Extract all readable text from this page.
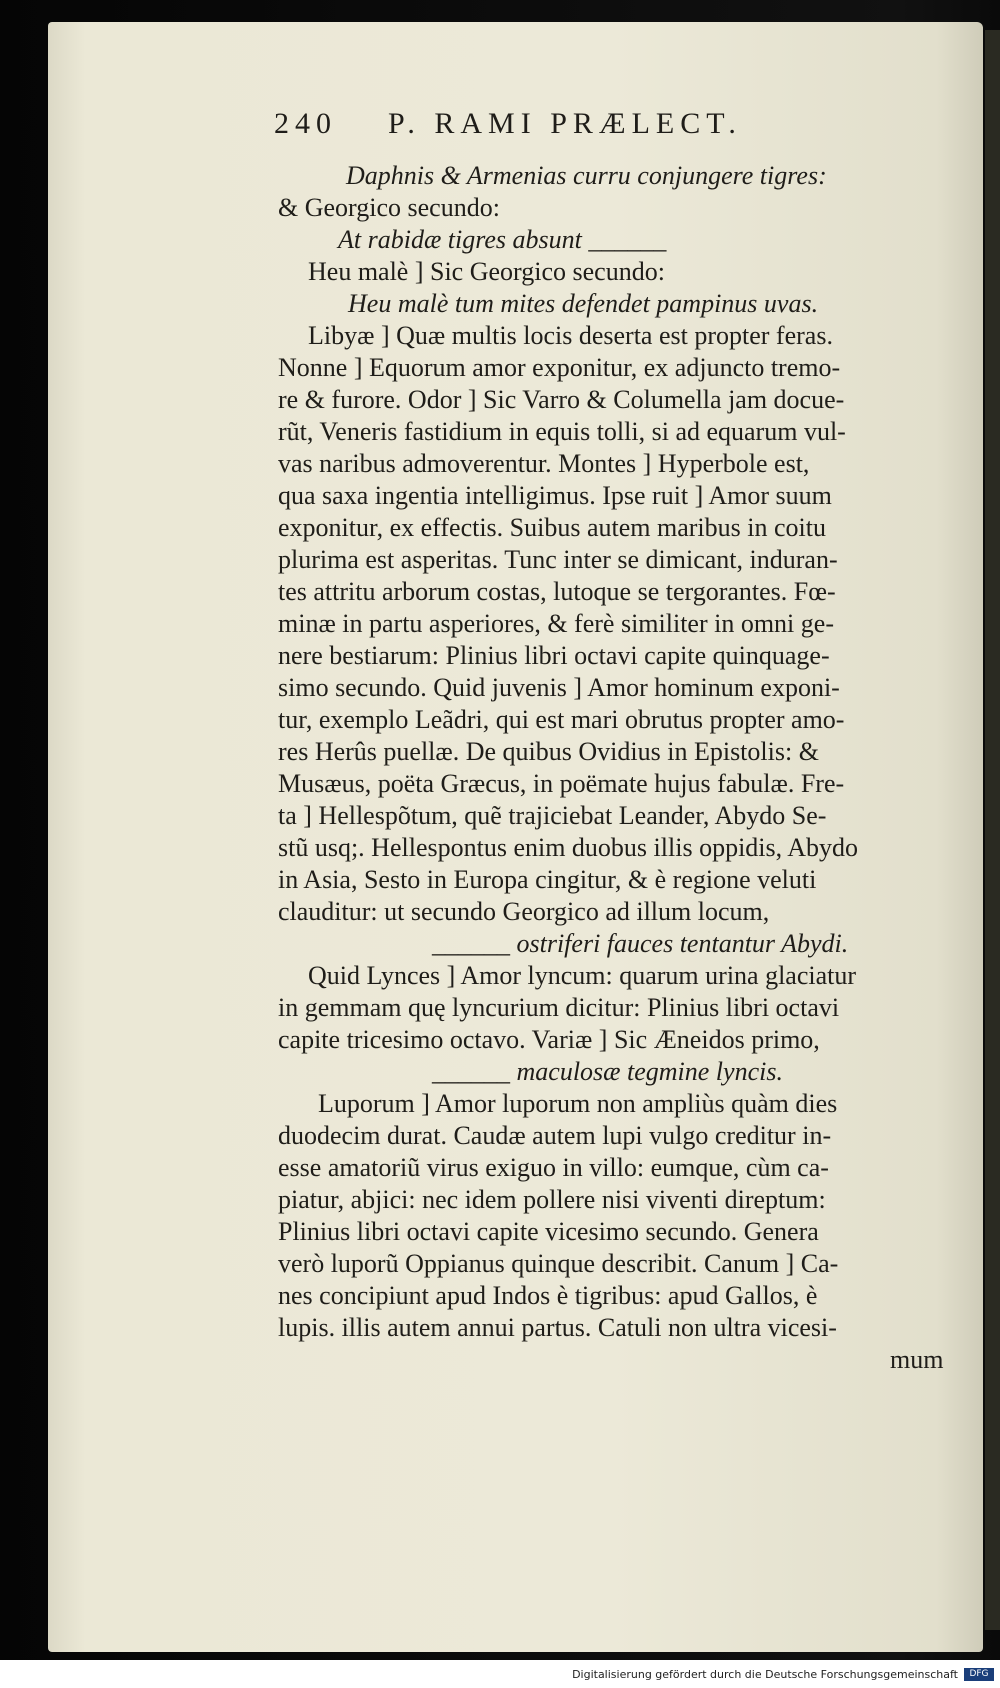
240 P. RAMI PRÆLECT.
Daphnis & Armenias curru conjungere tigres:
& Georgico secundo:
At rabidæ tigres absunt ______
Heu malè ] Sic Georgico secundo:
Heu malè tum mites defendet pampinus uvas.
Libyæ ] Quæ multis locis deserta est propter feras.
Nonne ] Equorum amor exponitur, ex adjuncto tremo-
re & furore. Odor ] Sic Varro & Columella jam docue-
rũt, Veneris fastidium in equis tolli, si ad equarum vul-
vas naribus admoverentur. Montes ] Hyperbole est,
qua saxa ingentia intelligimus. Ipse ruit ] Amor suum
exponitur, ex effectis. Suibus autem maribus in coitu
plurima est asperitas. Tunc inter se dimicant, induran-
tes attritu arborum costas, lutoque se tergorantes. Fœ-
minæ in partu asperiores, & ferè similiter in omni ge-
nere bestiarum: Plinius libri octavi capite quinquage-
simo secundo. Quid juvenis ] Amor hominum exponi-
tur, exemplo Leãdri, qui est mari obrutus propter amo-
res Herûs puellæ. De quibus Ovidius in Epistolis: &
Musæus, poëta Græcus, in poëmate hujus fabulæ. Fre-
ta ] Hellespõtum, quẽ trajiciebat Leander, Abydo Se-
stũ usq;. Hellespontus enim duobus illis oppidis, Abydo
in Asia, Sesto in Europa cingitur, & è regione veluti
clauditur: ut secundo Georgico ad illum locum,
______ ostriferi fauces tentantur Abydi.
Quid Lynces ] Amor lyncum: quarum urina glaciatur
in gemmam quę lyncurium dicitur: Plinius libri octavi
capite tricesimo octavo. Variæ ] Sic Æneidos primo,
______ maculosæ tegmine lyncis.
Luporum ] Amor luporum non ampliùs quàm dies
duodecim durat. Caudæ autem lupi vulgo creditur in-
esse amatoriũ virus exiguo in villo: eumque, cùm ca-
piatur, abjici: nec idem pollere nisi viventi direptum:
Plinius libri octavi capite vicesimo secundo. Genera
verò luporũ Oppianus quinque describit. Canum ] Ca-
nes concipiunt apud Indos è tigribus: apud Gallos, è
lupis. illis autem annui partus. Catuli non ultra vicesi-
mum
Digitalisierung gefördert durch die Deutsche Forschungsgemeinschaft	DFG
